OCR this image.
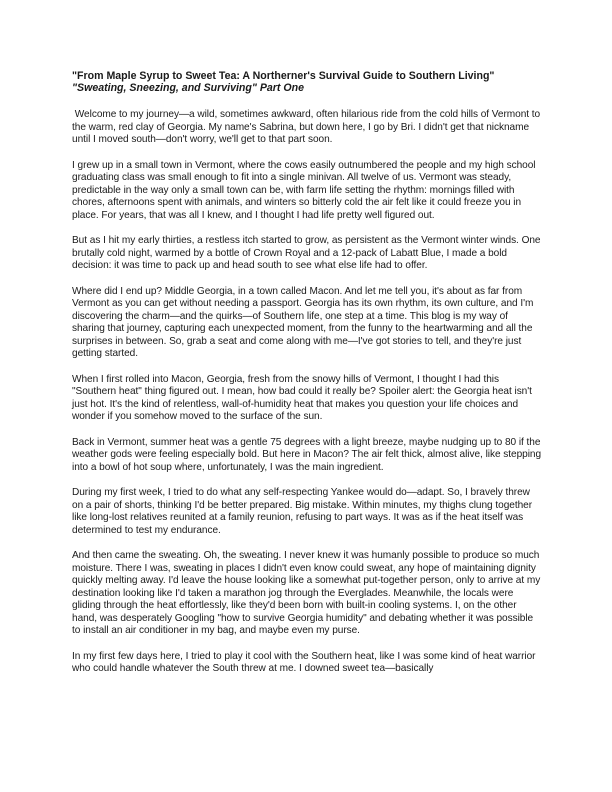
"From Maple Syrup to Sweet Tea: A Northerner's Survival Guide to Southern Living"

"Sweating, Sneezing, and Surviving" Part One

Welcome to my journey—a wild, sometimes awkward, often hilarious ride from the cold hills of Vermont to the warm, red clay of Georgia. My name's Sabrina, but down here, I go by Bri. I didn't get that nickname until I moved south—don't worry, we'll get to that part soon.

I grew up in a small town in Vermont, where the cows easily outnumbered the people and my high school graduating class was small enough to fit into a single minivan. All twelve of us. Vermont was steady, predictable in the way only a small town can be, with farm life setting the rhythm: mornings filled with chores, afternoons spent with animals, and winters so bitterly cold the air felt like it could freeze you in place. For years, that was all I knew, and I thought I had life pretty well figured out.

But as I hit my early thirties, a restless itch started to grow, as persistent as the Vermont winter winds. One brutally cold night, warmed by a bottle of Crown Royal and a 12-pack of Labatt Blue, I made a bold decision: it was time to pack up and head south to see what else life had to offer.

Where did I end up? Middle Georgia, in a town called Macon. And let me tell you, it's about as far from Vermont as you can get without needing a passport. Georgia has its own rhythm, its own culture, and I'm discovering the charm—and the quirks—of Southern life, one step at a time. This blog is my way of sharing that journey, capturing each unexpected moment, from the funny to the heartwarming and all the surprises in between. So, grab a seat and come along with me—I've got stories to tell, and they're just getting started.

When I first rolled into Macon, Georgia, fresh from the snowy hills of Vermont, I thought I had this "Southern heat" thing figured out. I mean, how bad could it really be? Spoiler alert: the Georgia heat isn't just hot. It's the kind of relentless, wall-of-humidity heat that makes you question your life choices and wonder if you somehow moved to the surface of the sun.

Back in Vermont, summer heat was a gentle 75 degrees with a light breeze, maybe nudging up to 80 if the weather gods were feeling especially bold. But here in Macon? The air felt thick, almost alive, like stepping into a bowl of hot soup where, unfortunately, I was the main ingredient.

During my first week, I tried to do what any self-respecting Yankee would do—adapt. So, I bravely threw on a pair of shorts, thinking I'd be better prepared. Big mistake. Within minutes, my thighs clung together like long-lost relatives reunited at a family reunion, refusing to part ways. It was as if the heat itself was determined to test my endurance.

And then came the sweating. Oh, the sweating. I never knew it was humanly possible to produce so much moisture. There I was, sweating in places I didn't even know could sweat, any hope of maintaining dignity quickly melting away. I'd leave the house looking like a somewhat put-together person, only to arrive at my destination looking like I'd taken a marathon jog through the Everglades. Meanwhile, the locals were gliding through the heat effortlessly, like they'd been born with built-in cooling systems. I, on the other hand, was desperately Googling "how to survive Georgia humidity" and debating whether it was possible to install an air conditioner in my bag, and maybe even my purse.

In my first few days here, I tried to play it cool with the Southern heat, like I was some kind of heat warrior who could handle whatever the South threw at me. I downed sweet tea—basically
